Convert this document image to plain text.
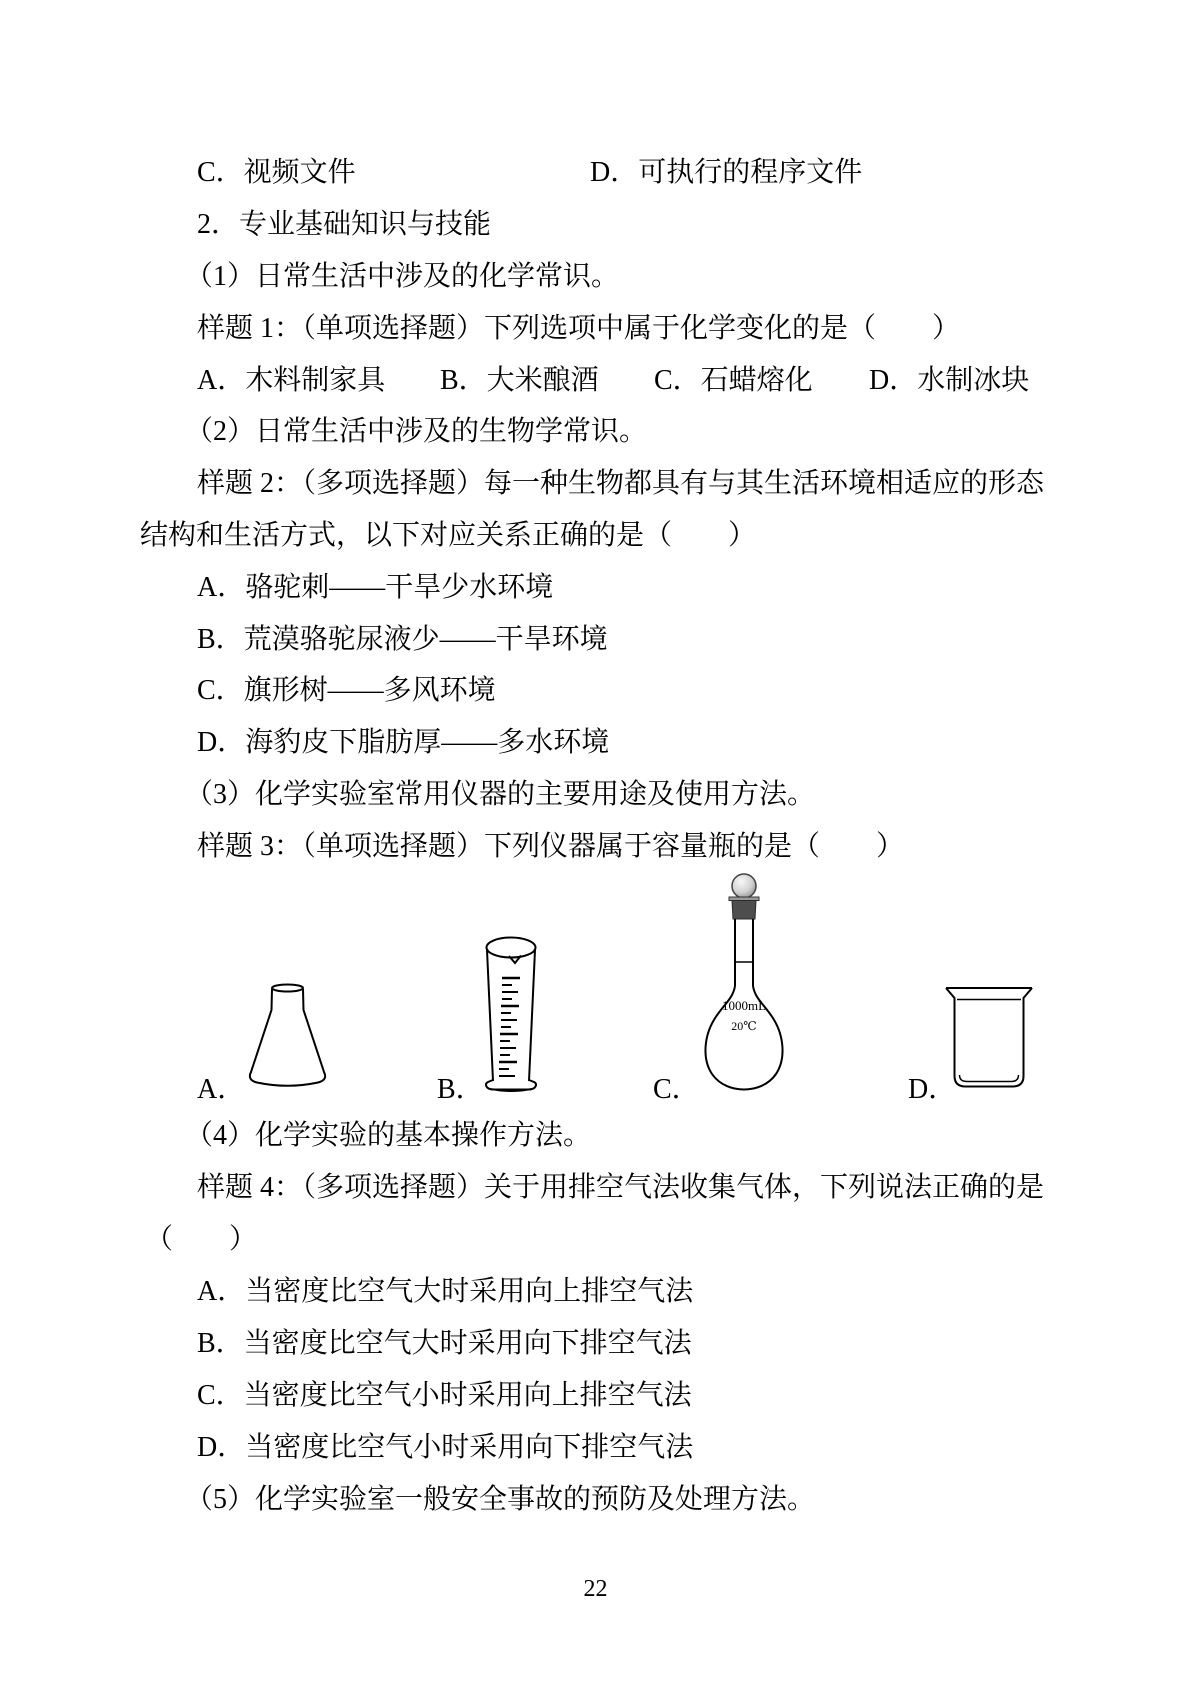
C．视频文件	D．可执行的程序文件
2．专业基础知识与技能
（1）日常生活中涉及的化学常识。
样题 1：（单项选择题）下列选项中属于化学变化的是（　　）
A．木料制家具 B．大米酿酒 C．石蜡熔化 D．水制冰块
（2）日常生活中涉及的生物学常识。
样题 2：（多项选择题）每一种生物都具有与其生活环境相适应的形态
结构和生活方式，以下对应关系正确的是（　　）
A．骆驼刺——干旱少水环境
B．荒漠骆驼尿液少——干旱环境
C．旗形树——多风环境
D．海豹皮下脂肪厚——多水环境
（3）化学实验室常用仪器的主要用途及使用方法。
样题 3：（单项选择题）下列仪器属于容量瓶的是（　　）
A．	B．	C．
1000mL
20℃
D．
（4）化学实验的基本操作方法。
样题 4：（多项选择题）关于用排空气法收集气体，下列说法正确的是
（　　）
A．当密度比空气大时采用向上排空气法
B．当密度比空气大时采用向下排空气法
C．当密度比空气小时采用向上排空气法
D．当密度比空气小时采用向下排空气法
（5）化学实验室一般安全事故的预防及处理方法。
22
